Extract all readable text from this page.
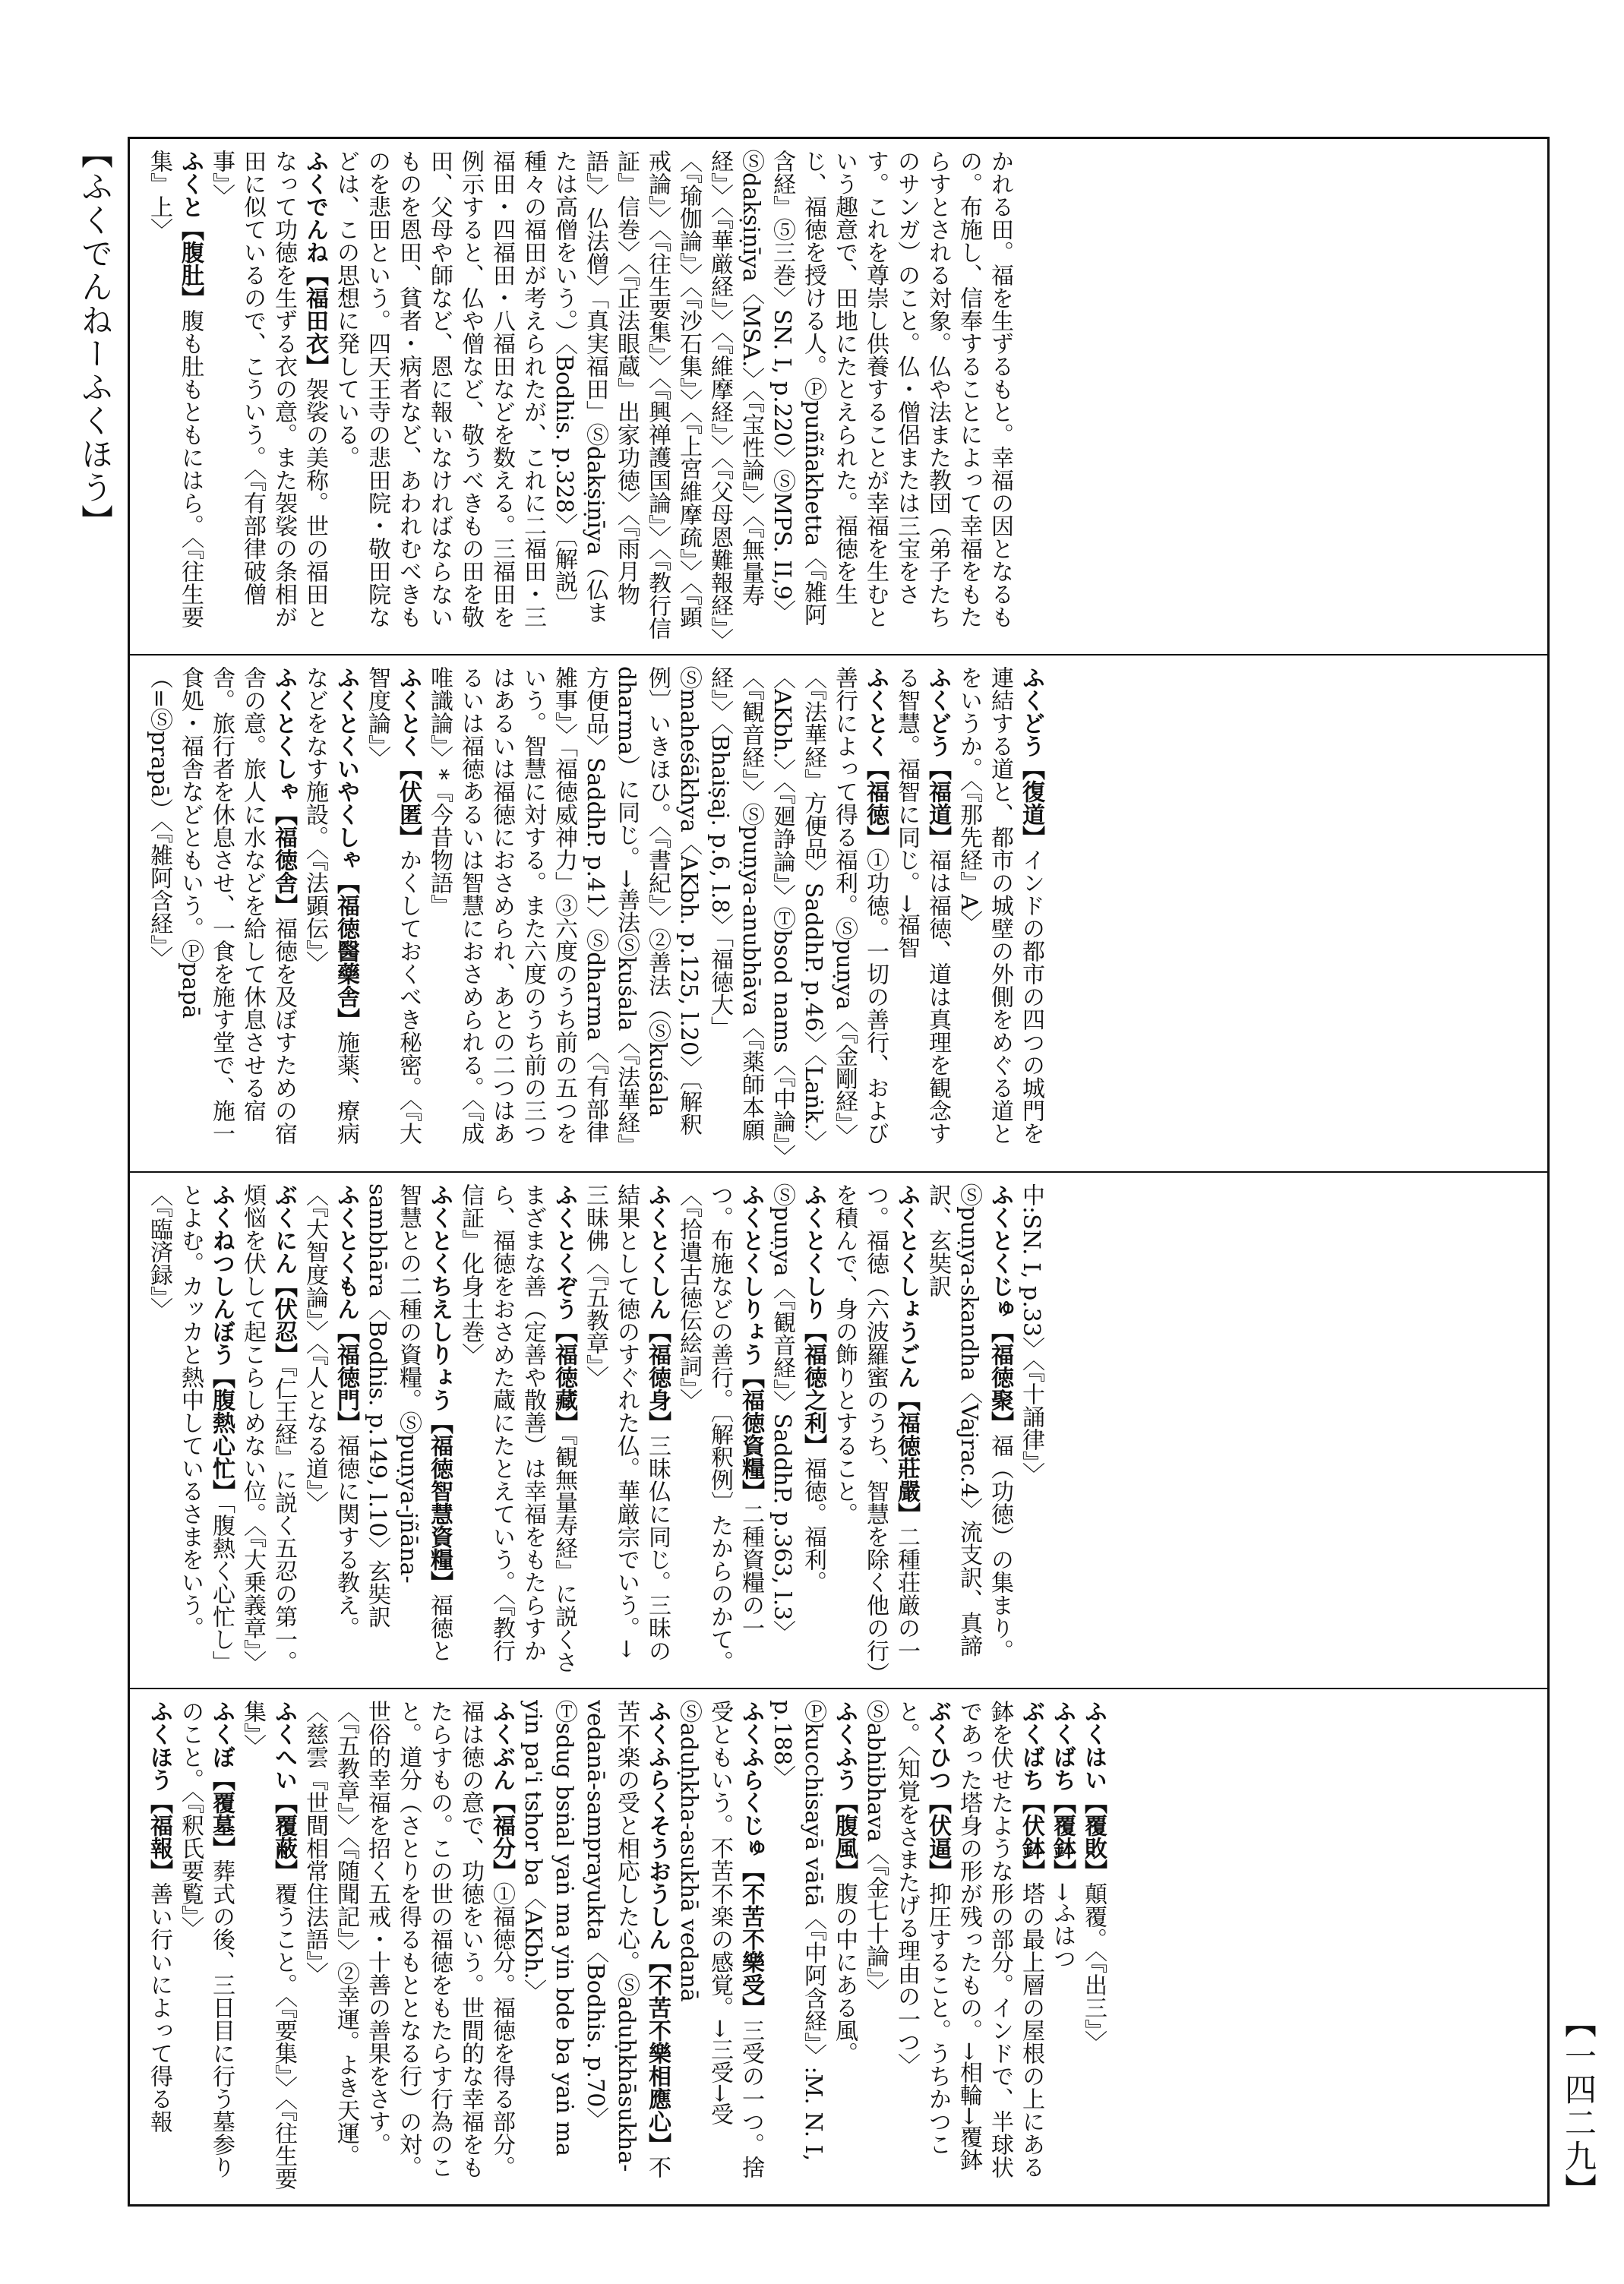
【ふくでんねーふくほう】
【一四二九】

かれる田。福を生ずるもと。幸福の因となるもの。布施し、信奉することによって幸福をもたらすとされる対象。仏や法また教団（弟子たちのサンガ）のこと。仏・僧侶または三宝をさす。これを尊崇し供養することが幸福を生むという趣意で、田地にたとえられた。福徳を生じ、福徳を授ける人。Ⓟpuññakhetta〈『雑阿含経』⑤三巻〉SN. I, p.220〉ⓈMPS. II,9〉Ⓢdakṣiṇīya〈MSA.〉〈『宝性論』〉〈『無量寿経』〉〈『華厳経』〉〈『維摩経』〉〈『父母恩難報経』〉〈『瑜伽論』〉〈『沙石集』〉〈『上宮維摩疏』〉〈『顕戒論』〉〈『往生要集』〉〈『興禅護国論』〉〈『教行信証』信巻〉〈『正法眼蔵』出家功徳〉〈『雨月物語』〉仏法僧〉「真実福田」Ⓢdakṣiṇīya（仏または高僧をいう。）〈Bodhis. p.328〉〔解説〕種々の福田が考えられたが、これに二福田・三福田・四福田・八福田などを数える。三福田を例示すると、仏や僧など、敬うべきもの田を敬田、父母や師など、恩に報いなければならないものを恩田、貧者・病者など、あわれむべきものを悲田という。四天王寺の悲田院・敬田院などは、この思想に発している。

ふくでんね【福田衣】袈裟の美称。世の福田となって功徳を生ずる衣の意。また袈裟の条相が田に似ているので、こういう。〈『有部律破僧事』〉

ふくと【腹肚】腹も肚もともにはら。〈『往生要集』上〉

ふくどう【復道】インドの都市の四つの城門を連結する道と、都市の城壁の外側をめぐる道とをいうか。〈『那先経』A〉

ふくどう【福道】福は福徳、道は真理を観念する智慧。福智に同じ。→福智

ふくとく【福徳】①功徳。一切の善行、および善行によって得る福利。Ⓢpuṇya〈『金剛経』〉〈『法華経』方便品〉SaddhP. p.46〉〈Laṅk.〉〈AKbh.〉〈『廻諍論』〉Ⓣbsod nams〈『中論』〉〈『観音経』〉Ⓢpuṇya-anubhāva〈『薬師本願経』〉〈Bhaiṣaj. p.6, l.8〉「福徳大」Ⓢmaheśākhya〈AKbh. p.125, l.20〉〔解釈例〕いきほひ。〈『書紀』〉②善法（Ⓢkuśala dharma）に同じ。→善法Ⓢkuśala〈『法華経』方便品〉SaddhP. p.41〉Ⓢdharma〈『有部律雑事』〉「福徳威神力」③六度のうち前の五つをいう。智慧に対する。また六度のうち前の三つはあるいは福徳におさめられ、あとの二つはあるいは福徳あるいは智慧におさめられる。〈『成唯識論』〉*『今昔物語』

ふくとく【伏匿】かくしておくべき秘密。〈『大智度論』〉

ふくとくいやくしゃ【福徳醫藥舎】施薬、療病などをなす施設。〈『法顕伝』〉

ふくとくしゃ【福徳舎】福徳を及ぼすための宿舎の意。旅人に水などを給して休息させる宿舎。旅行者を休息させ、一食を施す堂で、施一食処・福舎などともいう。Ⓟpapā（=Ⓢprapā）〈『雑阿含経』〉

中:SN. I, p.33〉〈『十誦律』〉

ふくとくじゅ【福徳聚】福（功徳）の集まり。Ⓢpuṇya-skandha〈Vajrac.4〉流支訳、真諦訳、玄奘訳

ふくとくしょうごん【福徳莊嚴】二種荘厳の一つ。福徳（六波羅蜜のうち、智慧を除く他の行）を積んで、身の飾りとすること。

ふくとくしり【福徳之利】福徳。福利。Ⓢpuṇya〈『観音経』〉SaddhP. p.363, l.3〉

ふくとくしりょう【福徳資糧】二種資糧の一つ。布施などの善行。〔解釈例〕たからのかて。〈『拾遺古徳伝絵詞』〉

ふくとくしん【福徳身】三昧仏に同じ。三昧の結果として徳のすぐれた仏。華厳宗でいう。→三昧佛〈『五教章』〉

ふくとくぞう【福徳藏】『観無量寿経』に説くさまざまな善（定善や散善）は幸福をもたらすから、福徳をおさめた蔵にたとえていう。〈『教行信証』化身土巻〉

ふくとくちえしりょう【福徳智慧資糧】福徳と智慧との二種の資糧。Ⓢpuṇya-jñāna-sambhāra〈Bodhis. p.149, l.10〉玄奘訳

ふくとくもん【福徳門】福徳に関する教え。〈『大智度論』〉〈『人となる道』〉

ぶくにん【伏忍】『仁王経』に説く五忍の第一。煩悩を伏して起こらしめない位。〈『大乗義章』〉

ふくねつしんぼう【腹熱心忙】「腹熱く心忙し」とよむ。カッカと熱中しているさまをいう。〈『臨済録』〉

ふくはい【覆敗】顛覆。〈『出三』〉

ふくばち【覆鉢】→ふはつ

ぶくばち【伏鉢】塔の最上層の屋根の上にある鉢を伏せたような形の部分。インドで、半球状であった塔身の形が残ったもの。→相輪→覆鉢

ぶくひつ【伏逼】抑圧すること。うちかつこと。〈知覚をさまたげる理由の一つ〉Ⓢabhibhava〈『金七十論』〉

ふくふう【腹風】腹の中にある風。Ⓟkucchisayā vātā〈『中阿含経』〉:M. N. I, p.188〉

ふくふらくじゅ【不苦不樂受】三受の一つ。捨受ともいう。不苦不楽の感覚。→三受→受Ⓢaduḥkha-asukhā vedanā

ふくふらくそうおうしん【不苦不樂相應心】不苦不楽の受と相応した心。Ⓢaduḥkhāsukha-vedanā-samprayukta〈Bodhis. p.70〉Ⓣsdug bsṅal yaṅ ma yin bde ba yaṅ ma yin pa'i tshor ba〈AKbh.〉

ふくぶん【福分】①福徳分。福徳を得る部分。福は徳の意で、功徳をいう。世間的な幸福をもたらすもの。この世の福徳をもたらす行為のこと。道分（さとりを得るもととなる行）の対。世俗的幸福を招く五戒・十善の善果をさす。〈『五教章』〉〈『随聞記』〉②幸運。よき天運。〈慈雲『世間相常住法語』〉

ふくへい【覆蔽】覆うこと。〈『要集』〉〈『往生要集』〉

ふくぼ【覆墓】葬式の後、三日目に行う墓参りのこと。〈『釈氏要覧』〉

ふくほう【福報】善い行いによって得る報
